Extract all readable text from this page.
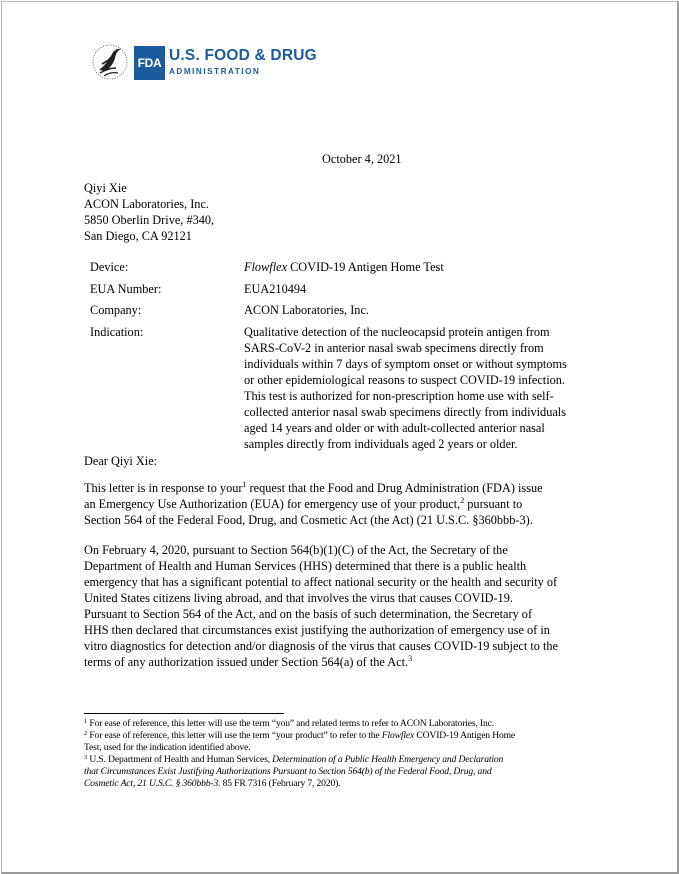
FDA U.S. FOOD & DRUG
ADMINISTRATION
October 4, 2021
Qiyi Xie
ACON Laboratories, Inc.
5850 Oberlin Drive, #340,
San Diego, CA 92121
Device:	Flowflex COVID-19 Antigen Home Test
EUA Number:	EUA210494
Company:	ACON Laboratories, Inc.
Indication:	Qualitative detection of the nucleocapsid protein antigen from
SARS-CoV-2 in anterior nasal swab specimens directly from
individuals within 7 days of symptom onset or without symptoms
or other epidemiological reasons to suspect COVID-19 infection.
This test is authorized for non-prescription home use with self-
collected anterior nasal swab specimens directly from individuals
aged 14 years and older or with adult-collected anterior nasal
samples directly from individuals aged 2 years or older.
Dear Qiyi Xie:
This letter is in response to your$^1$ request that the Food and Drug Administration (FDA) issue
an Emergency Use Authorization (EUA) for emergency use of your product,$^2$ pursuant to
Section 564 of the Federal Food, Drug, and Cosmetic Act (the Act) (21 U.S.C. §360bbb-3).
On February 4, 2020, pursuant to Section 564(b)(1)(C) of the Act, the Secretary of the
Department of Health and Human Services (HHS) determined that there is a public health
emergency that has a significant potential to affect national security or the health and security of
United States citizens living abroad, and that involves the virus that causes COVID-19.
Pursuant to Section 564 of the Act, and on the basis of such determination, the Secretary of
HHS then declared that circumstances exist justifying the authorization of emergency use of in
vitro diagnostics for detection and/or diagnosis of the virus that causes COVID-19 subject to the
terms of any authorization issued under Section 564(a) of the Act.$^3$
$^1$ For ease of reference, this letter will use the term “you” and related terms to refer to ACON Laboratories, Inc.
$^2$ For ease of reference, this letter will use the term “your product” to refer to the Flowflex COVID-19 Antigen Home
Test, used for the indication identified above.
$^3$ U.S. Department of Health and Human Services, Determination of a Public Health Emergency and Declaration
that Circumstances Exist Justifying Authorizations Pursuant to Section 564(b) of the Federal Food, Drug, and
Cosmetic Act, 21 U.S.C. § 360bbb-3. 85 FR 7316 (February 7, 2020).
